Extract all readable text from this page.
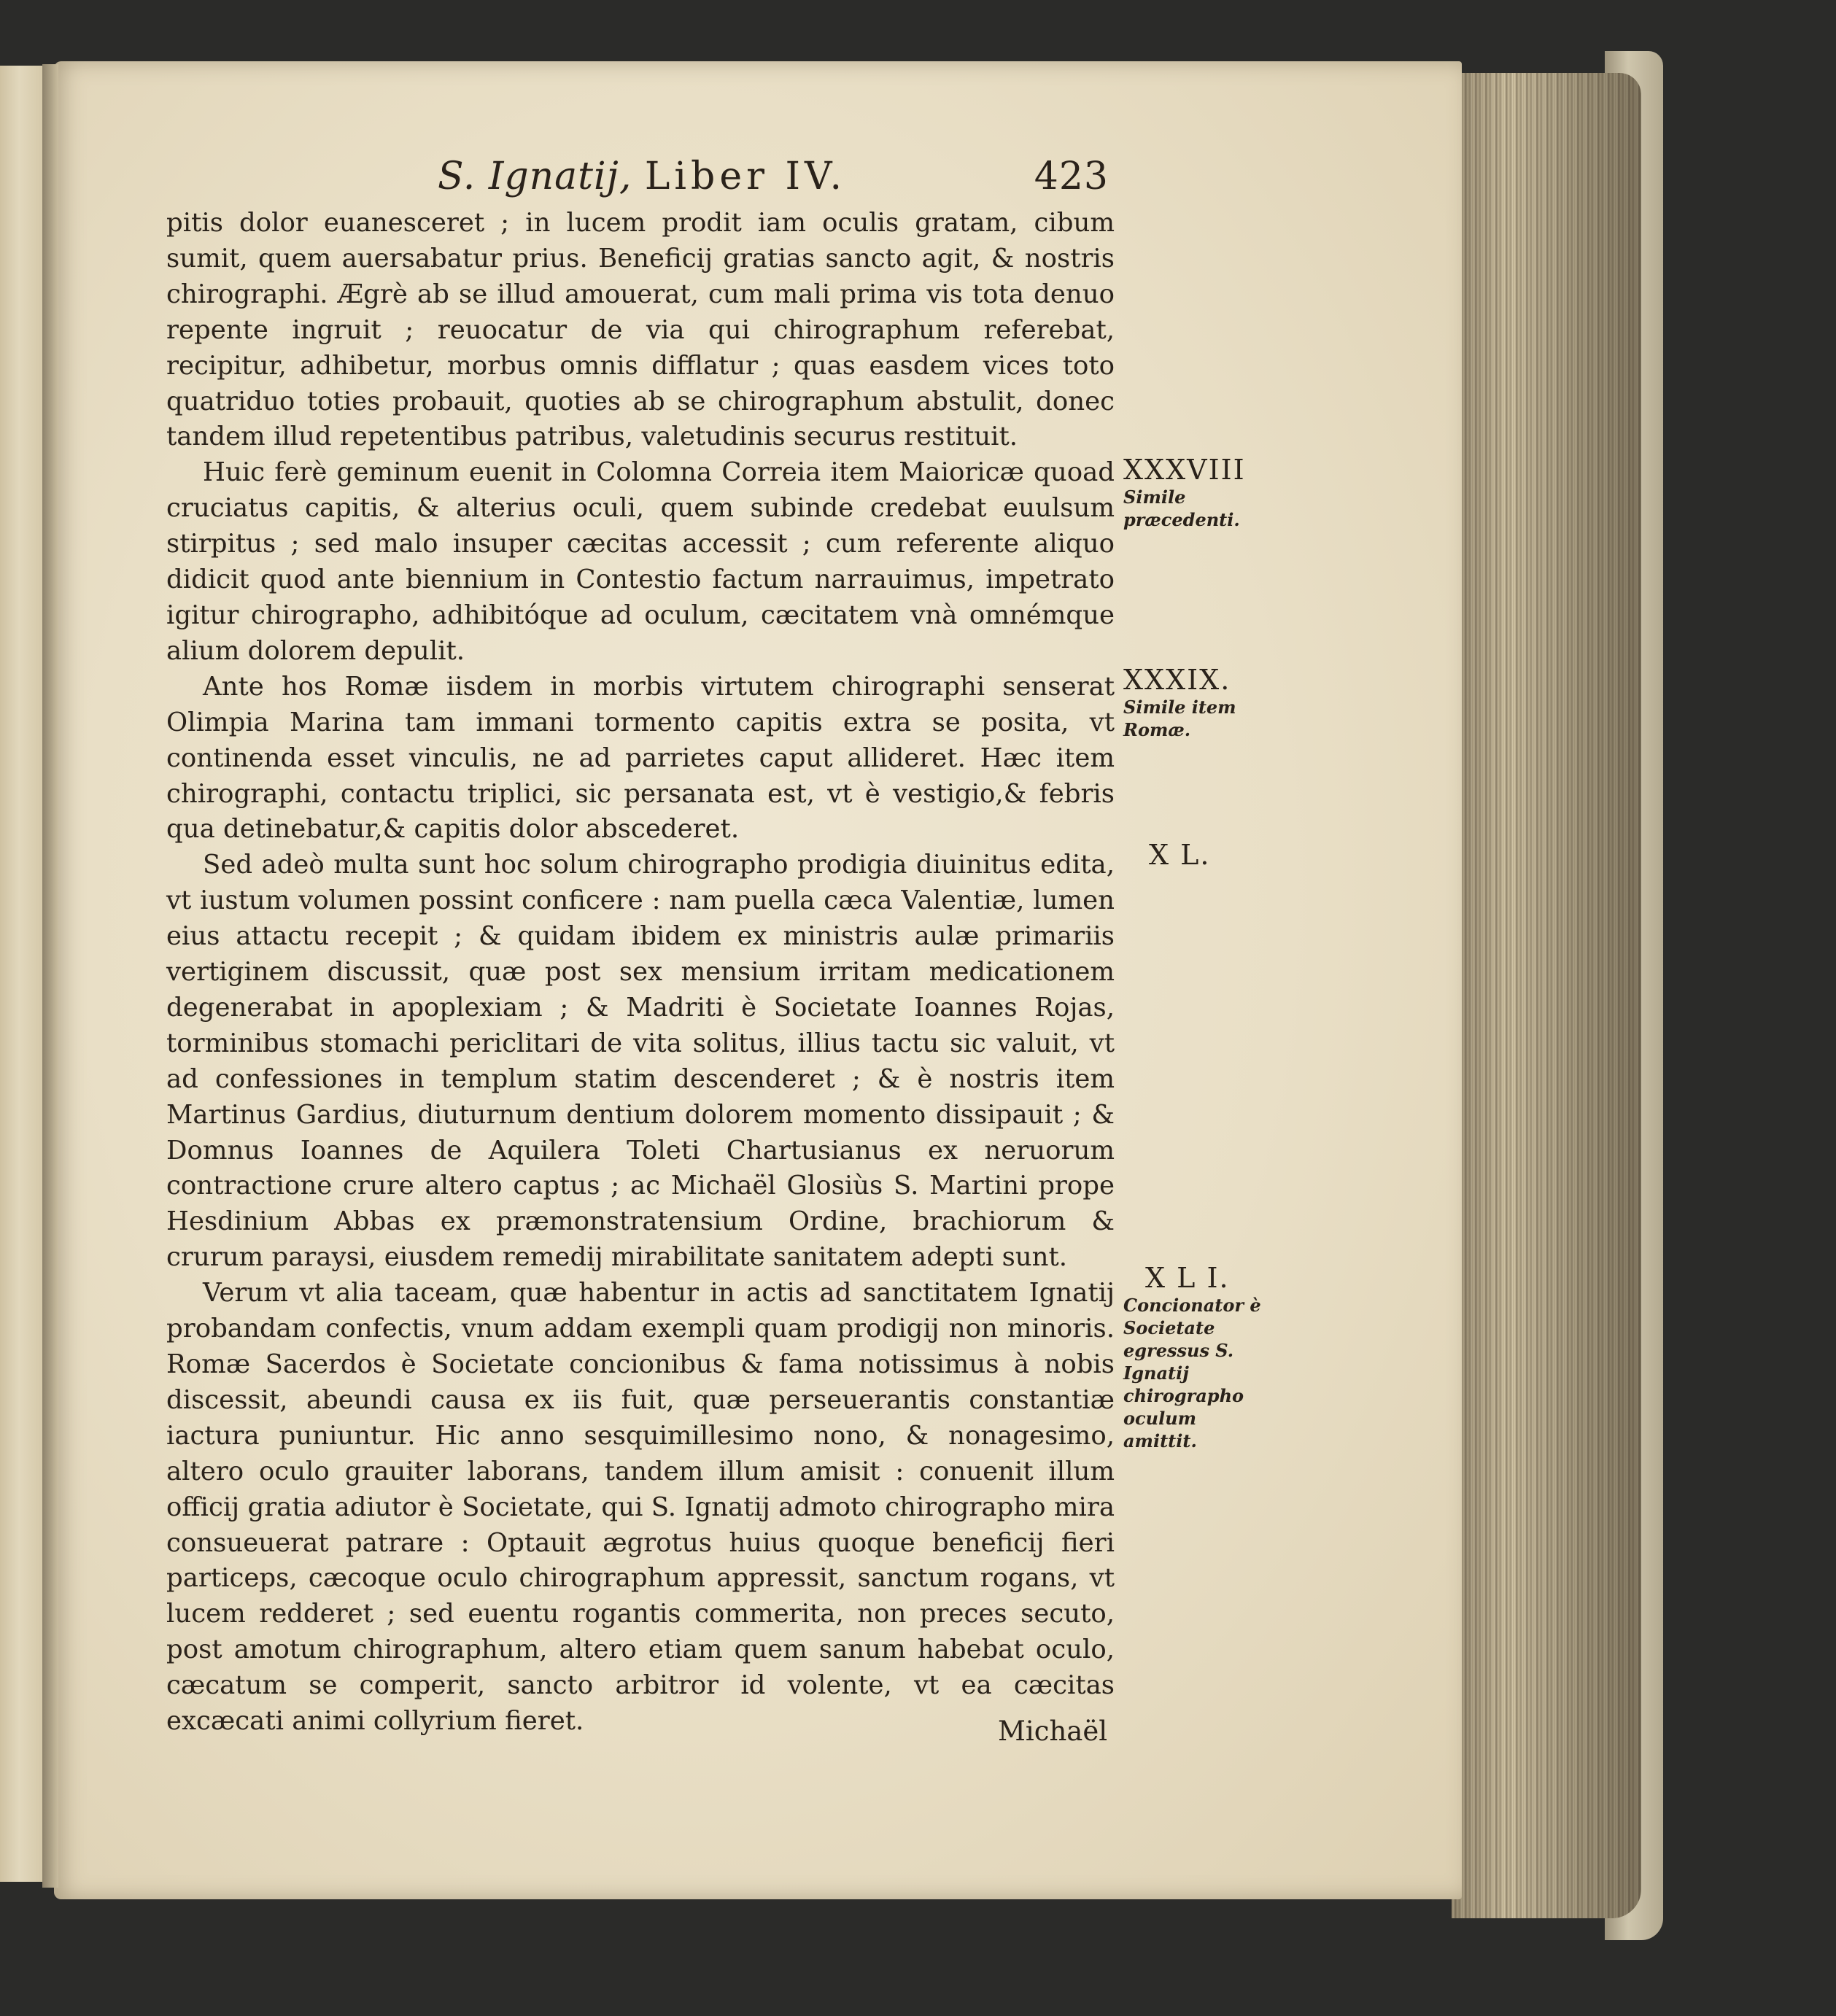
S. Ignatij, Liber IV.	423
pitis dolor euanesceret ; in lucem prodit iam oculis gratam, cibum sumit, quem auersabatur prius. Beneficij gratias sancto agit, & nostris chirographi. Ægrè ab se illud amouerat, cum mali prima vis tota denuo repente ingruit ; reuocatur de via qui chirographum referebat, recipitur, adhibetur, morbus omnis difflatur ; quas easdem vices toto quatriduo toties probauit, quoties ab se chirographum abstulit, donec tandem illud repetentibus patribus, valetudinis securus restituit.
Huic ferè geminum euenit in Colomna Correia item Maioricæ quoad cruciatus capitis, & alterius oculi, quem subinde credebat euulsum stirpitus ; sed malo insuper cæcitas accessit ; cum referente aliquo didicit quod ante biennium in Contestio factum narrauimus, impetrato igitur chirographo, adhibitóque ad oculum, cæcitatem vnà omnémque alium dolorem depulit.
Ante hos Romæ iisdem in morbis virtutem chirographi senserat Olimpia Marina tam immani tormento capitis extra se posita, vt continenda esset vinculis, ne ad parrietes caput allideret. Hæc item chirographi, contactu triplici, sic persanata est, vt è vestigio,& febris qua detinebatur,& capitis dolor abscederet.
Sed adeò multa sunt hoc solum chirographo prodigia diuinitus edita, vt iustum volumen possint conficere : nam puella cæca Valentiæ, lumen eius attactu recepit ; & quidam ibidem ex ministris aulæ primariis vertiginem discussit, quæ post sex mensium irritam medicationem degenerabat in apoplexiam ; & Madriti è Societate Ioannes Rojas, torminibus stomachi periclitari de vita solitus, illius tactu sic valuit, vt ad confessiones in templum statim descenderet ; & è nostris item Martinus Gardius, diuturnum dentium dolorem momento dissipauit ; & Domnus Ioannes de Aquilera Toleti Chartusianus ex neruorum contractione crure altero captus ; ac Michaël Glosiùs S. Martini prope Hesdinium Abbas ex præmonstratensium Ordine, brachiorum & crurum paraysi, eiusdem remedij mirabilitate sanitatem adepti sunt.
Verum vt alia taceam, quæ habentur in actis ad sanctitatem Ignatij probandam confectis, vnum addam exempli quam prodigij non minoris. Romæ Sacerdos è Societate concionibus & fama notissimus à nobis discessit, abeundi causa ex iis fuit, quæ perseuerantis constantiæ iactura puniuntur. Hic anno sesquimillesimo nono, & nonagesimo, altero oculo grauiter laborans, tandem illum amisit : conuenit illum officij gratia adiutor è Societate, qui S. Ignatij admoto chirographo mira consueuerat patrare : Optauit ægrotus huius quoque beneficij fieri particeps, cæcoque oculo chirographum appressit, sanctum rogans, vt lucem redderet ; sed euentu rogantis commerita, non preces secuto, post amotum chirographum, altero etiam quem sanum habebat oculo, cæcatum se comperit, sancto arbitror id volente, vt ea cæcitas excæcati animi collyrium fieret.	Michaël
XXXVIII
Simile præcedenti.
XXXIX.
Simile item Romæ.
X L.
X L I.
Concionator è Societate egressus S. Ignatij chirographo oculum amittit.
